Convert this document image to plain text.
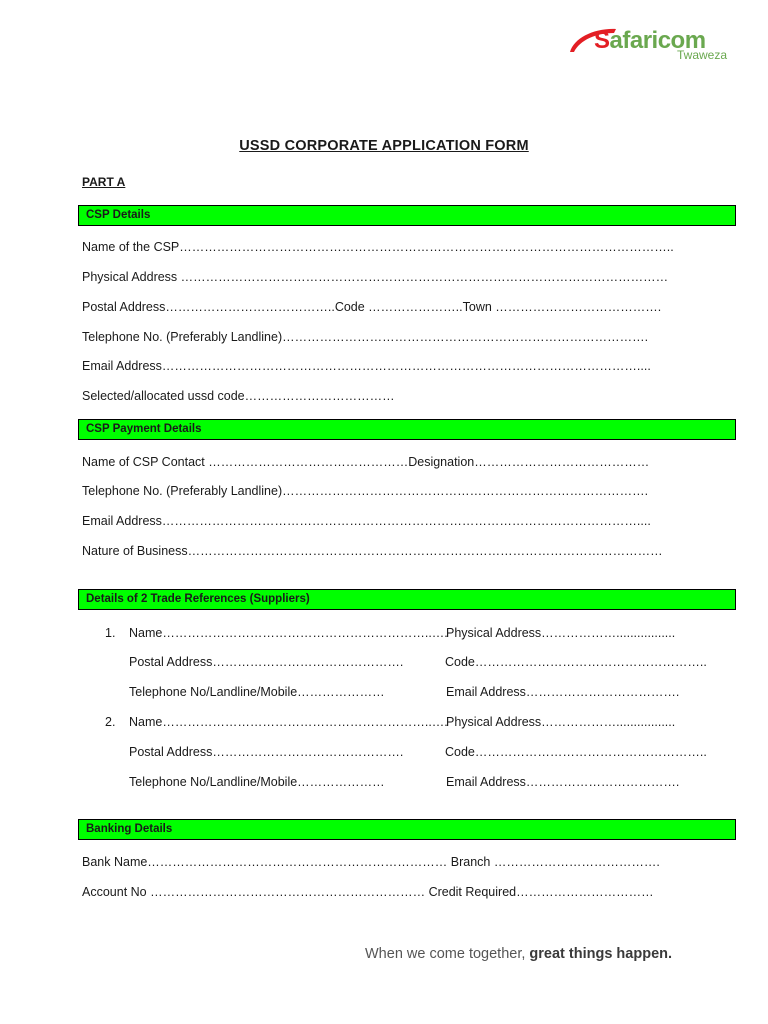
Safaricom
Twaweza
USSD CORPORATE APPLICATION FORM
PART A
CSP Details
Name of the CSP………………………………………………………………………………………………………..
Physical Address ………………………………………………………………………………………………………
Postal Address…………………………………..Code …………………..Town ………………………………….
Telephone No. (Preferably Landline)…………………………………………………………………………….
Email Address……………………………………………………………………………………………………....
Selected/allocated ussd code………………………………
CSP Payment Details
Name of CSP Contact …………………………………………Designation……………………………………
Telephone No. (Preferably Landline)…………………………………………………………………………….
Email Address……………………………………………………………………………………………………....
Nature of Business……………………………………………………………………………………………………
Details of 2 Trade References (Suppliers)
1. Name………………………………………………………..….
Physical Address……………….................
Postal Address……………………………………….	Code………………………………………………..
Telephone No/Landline/Mobile…………………	Email Address……………………………….
2. Name………………………………………………………..….
Physical Address……………….................
Postal Address……………………………………….	Code………………………………………………..
Telephone No/Landline/Mobile…………………	Email Address……………………………….
Banking Details
Bank Name……………………………………………………………… Branch ………………………………….
Account No ………………………………………………………… Credit Required……………………………
When we come together, great things happen.
